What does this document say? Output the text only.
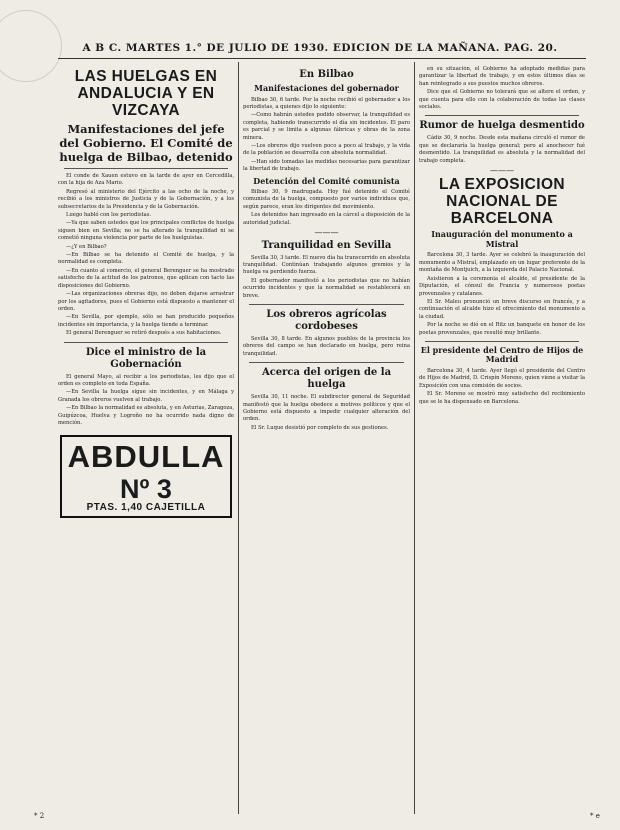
A B C. MARTES 1.° DE JULIO DE 1930. EDICION DE LA MAÑANA. PAG. 20.
LAS HUELGAS EN ANDALUCIA Y EN VIZCAYA
Manifestaciones del jefe del Gobierno. El Comité de huelga de Bilbao, detenido

El conde de Xauen estuvo en la tarde de ayer en Cercedilla, con la hija de Aza Mario.

Regresó al ministerio del Ejército a las ocho de la noche, y recibió a los ministros de Justicia y de la Gobernación, y a los subsecretarios de la Presidencia y de la Gobernación.

Luego habló con los periodistas.

—Ya que saben ustedes que los principales conflictos de huelga siguen bien en Sevilla; no se ha alterado la tranquilidad ni se cometió ninguna violencia por parte de los huelguistas.

—¿Y en Bilbao?

—En Bilbao se ha detenido el Comité de huelga, y la normalidad es completa.

—En cuanto al comercio, el general Berenguer se ha mostrado satisfecho de la actitud de los patronos, que aplican con tacto las disposiciones del Gobierno.

—Las organizaciones obreras dijo, no deben dejarse arrastrar por los agitadores, pues el Gobierno está dispuesto a mantener el orden.

—En Sevilla, por ejemplo, sólo se han producido pequeños incidentes sin importancia, y la huelga tiende a terminar.

El general Berenguer se retiró después a sus habitaciones.

Dice el ministro de la Gobernación

El general Mayo, al recibir a los periodistas, les dijo que el orden es completo en toda España.

—En Sevilla la huelga sigue sin incidentes, y en Málaga y Granada los obreros vuelven al trabajo.

—En Bilbao la normalidad es absoluta, y en Asturias, Zaragoza, Guipúzcoa, Huelva y Logroño no ha ocurrido nada digno de mención.

ABDULLA
Nº 3
PTAS. 1,40 CAJETILLA
En Bilbao
Manifestaciones del gobernador

Bilbao 30, 6 tarde. Por la noche recibió el gobernador a los periodistas, a quienes dijo lo siguiente:

—Como habrán ustedes podido observar, la tranquilidad es completa, habiendo transcurrido el día sin incidentes. El paro es parcial y se limita a algunas fábricas y obras de la zona minera.

—Los obreros dijo vuelven poco a poco al trabajo, y la vida de la población se desarrolla con absoluta normalidad.

—Han sido tomadas las medidas necesarias para garantizar la libertad de trabajo.

Detención del Comité comunista

Bilbao 30, 9 madrugada. Hoy fué detenido el Comité comunista de la huelga, compuesto por varios individuos que, según parece, eran los dirigentes del movimiento.

Los detenidos han ingresado en la cárcel a disposición de la autoridad judicial.

———
Tranquilidad en Sevilla

Sevilla 30, 3 tarde. El nuevo día ha transcurrido en absoluta tranquilidad. Continúan trabajando algunos gremios y la huelga va perdiendo fuerza.

El gobernador manifestó a los periodistas que no habían ocurrido incidentes y que la normalidad se restablecerá en breve.

Los obreros agrícolas cordobeses

Sevilla 30, 8 tarde. En algunos pueblos de la provincia los obreros del campo se han declarado en huelga, pero reina tranquilidad.

Acerca del origen de la huelga

Sevilla 30, 11 noche. El subdirector general de Seguridad manifestó que la huelga obedece a motivos políticos y que el Gobierno está dispuesto a impedir cualquier alteración del orden.

El Sr. Luque desistió por completo de sus gestiones.

en su situación, el Gobierno ha adoptado medidas para garantizar la libertad de trabajo, y en estos últimos días se han reintegrado a sus puestos muchos obreros.

Dice que el Gobierno no tolerará que se altere el orden, y que cuenta para ello con la colaboración de todas las clases sociales.

Rumor de huelga desmentido

Cádiz 30, 9 noche. Desde esta mañana circuló el rumor de que se declararía la huelga general; pero al anochecer fué desmentido. La tranquilidad es absoluta y la normalidad del trabajo completa.

———
LA EXPOSICION NACIONAL DE BARCELONA
Inauguración del monumento a Mistral

Barcelona 30, 3 tarde. Ayer se celebró la inauguración del monumento a Mistral, emplazado en un lugar preferente de la montaña de Montjuich, a la izquierda del Palacio Nacional.

Asistieron a la ceremonia el alcalde, el presidente de la Diputación, el cónsul de Francia y numerosos poetas provenzales y catalanes.

El Sr. Maleu pronunció un breve discurso en francés, y a continuación el alcalde hizo el ofrecimiento del monumento a la ciudad.

Por la noche se dió en el Ritz un banquete en honor de los poetas provenzales, que resultó muy brillante.

El presidente del Centro de Hijos de Madrid

Barcelona 30, 4 tarde. Ayer llegó el presidente del Centro de Hijos de Madrid, D. Crispín Moreno, quien viene a visitar la Exposición con una comisión de socios.

El Sr. Moreno se mostró muy satisfecho del recibimiento que se le ha dispensado en Barcelona.

* 2	* e
